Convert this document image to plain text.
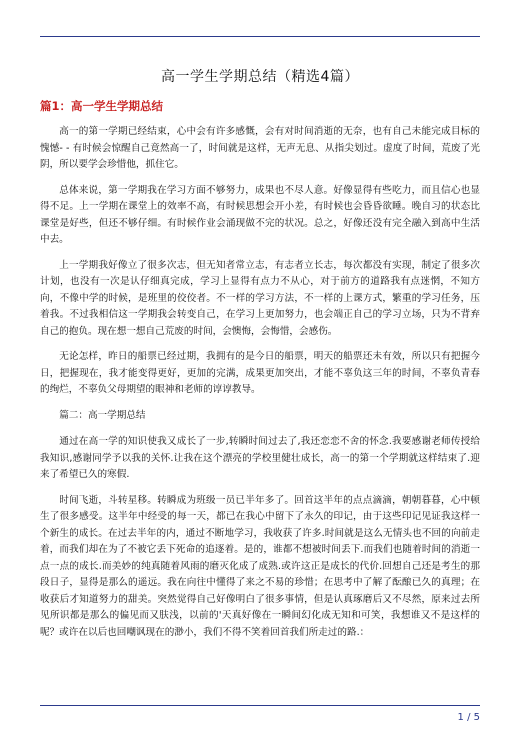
高一学生学期总结（精选4篇）
篇1：高一学生学期总结

高一的第一学期已经结束，心中会有许多感慨，会有对时间消逝的无奈，也有自己未能完成目标的愧憾- - 有时候会惊醒自己竟然高一了，时间就是这样，无声无息、从指尖划过。虚度了时间，荒废了光阴，所以要学会珍惜他，抓住它。

总体来说，第一学期我在学习方面不够努力，成果也不尽人意。好像显得有些吃力，而且信心也显得不足。上一学期在课堂上的效率不高，有时候思想会开小差，有时候也会昏昏欲睡。晚自习的状态比课堂是好些，但还不够仔细。有时候作业会涌现做不完的状况。总之，好像还没有完全融入到高中生活中去。

上一学期我好像立了很多次志，但无知者常立志，有志者立长志，每次都没有实现，制定了很多次计划，也没有一次是认仔细真完成，学习上显得有点力不从心，对于前方的道路我有点迷惘，不知方向，不像中学的时候，是班里的佼佼者。不一样的学习方法，不一样的上课方式，繁重的学习任务，压着我。不过我相信这一学期我会转变自己，在学习上更加努力，也会端正自己的学习立场，只为不背弃自己的抱负。现在想一想自己荒废的时间，会懊悔，会悔惜，会感伤。

无论怎样，昨日的船票已经过期，我拥有的是今日的船票，明天的船票还未有效，所以只有把握今日，把握现在，我才能变得更好，更加的完满，成果更加突出，才能不辜负这三年的时间，不辜负青春的绚烂，不辜负父母期望的眼神和老师的谆谆教导。

篇二：高一学期总结

通过在高一学的知识使我又成长了一步,转瞬时间过去了,我还恋恋不舍的怀念.我要感谢老师传授给我知识,感谢同学予以我的关怀.让我在这个漂亮的学校里健壮成长，高一的第一个学期就这样结束了.迎来了希望已久的寒假.

时间飞逝，斗转星移。转瞬成为班级一员已半年多了。回首这半年的点点滴滴，朝朝暮暮，心中顿生了很多感受。这半年中经受的每一天，都已在我心中留下了永久的印记，由于这些印记见证我这样一个新生的成长。在过去半年的内，通过不断地学习，我收获了许多.时间就是这么无情头也不回的向前走着，而我们却在为了不被它丢下死命的追逐着。是的，谁都不想被时间丢下.而我们也随着时间的消逝一点一点的成长.而美妙的纯真随着风雨的磨灭化成了成熟.或许这正是成长的代价.回想自己还是考生的那段日子，显得是那么的遥远。我在向往中懂得了来之不易的珍惜；在思考中了解了酝酿已久的真理；在收获后才知道努力的甜美。突然觉得自己好像明白了很多事情，但是认真琢磨后又不尽然，原来过去所见所识都是那么的偏见而又肤浅，以前的'天真好像在一瞬间幻化成无知和可笑，我想谁又不是这样的呢？或许在以后也回嘲讽现在的渺小，我们不得不笑着回首我们所走过的路.：

1 / 5
